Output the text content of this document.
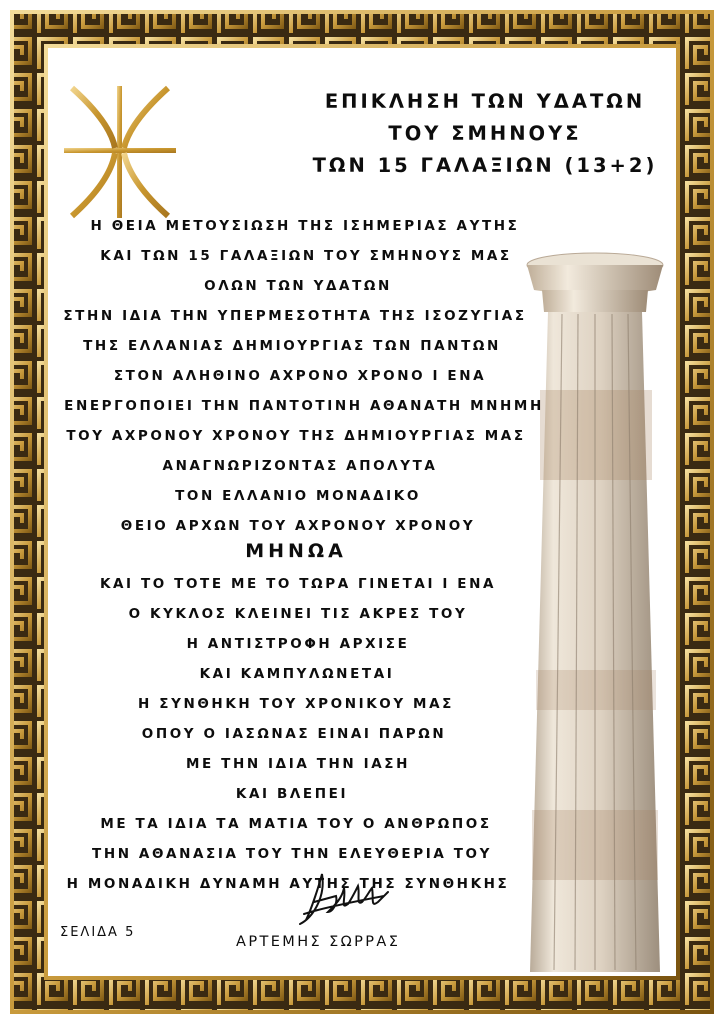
ΕΠΙΚΛΗΣΗ ΤΩΝ ΥΔΑΤΩΝ
ΤΟΥ ΣΜΗΝΟΥΣ
ΤΩΝ 15 ΓΑΛΑΞΙΩΝ (13+2)
Η ΘΕΙΑ ΜΕΤΟΥΣΙΩΣΗ ΤΗΣ ΙΣΗΜΕΡΙΑΣ ΑΥΤΗΣ
ΚΑΙ ΤΩΝ 15 ΓΑΛΑΞΙΩΝ ΤΟΥ ΣΜΗΝΟΥΣ ΜΑΣ
ΟΛΩΝ ΤΩΝ ΥΔΑΤΩΝ
ΣΤΗΝ ΙΔΙΑ ΤΗΝ ΥΠΕΡΜΕΣΟΤΗΤΑ ΤΗΣ ΙΣΟΖΥΓΙΑΣ
ΤΗΣ ΕΛΛΑΝΙΑΣ ΔΗΜΙΟΥΡΓΙΑΣ ΤΩΝ ΠΑΝΤΩΝ
ΣΤΟΝ ΑΛΗΘΙΝΟ ΑΧΡΟΝΟ ΧΡΟΝΟ Ι ΕΝΑ
ΕΝΕΡΓΟΠΟΙΕΙ ΤΗΝ ΠΑΝΤΟΤΙΝΗ ΑΘΑΝΑΤΗ ΜΝΗΜΗ
ΤΟΥ ΑΧΡΟΝΟΥ ΧΡΟΝΟΥ ΤΗΣ ΔΗΜΙΟΥΡΓΙΑΣ ΜΑΣ
ΑΝΑΓΝΩΡΙΖΟΝΤΑΣ ΑΠΟΛΥΤΑ
ΤΟΝ ΕΛΛΑΝΙΟ ΜΟΝΑΔΙΚΟ
ΘΕΙΟ ΑΡΧΩΝ ΤΟΥ ΑΧΡΟΝΟΥ ΧΡΟΝΟΥ
ΜΗΝΩΑ
ΚΑΙ ΤΟ ΤΟΤΕ ΜΕ ΤΟ ΤΩΡΑ ΓΙΝΕΤΑΙ Ι ΕΝΑ
Ο ΚΥΚΛΟΣ ΚΛΕΙΝΕΙ ΤΙΣ ΑΚΡΕΣ ΤΟΥ
Η ΑΝΤΙΣΤΡΟΦΗ ΑΡΧΙΣΕ
ΚΑΙ ΚΑΜΠΥΛΩΝΕΤΑΙ
Η ΣΥΝΘΗΚΗ ΤΟΥ ΧΡΟΝΙΚΟΥ ΜΑΣ
ΟΠΟΥ Ο ΙΑΣΩΝΑΣ ΕΙΝΑΙ ΠΑΡΩΝ
ΜΕ ΤΗΝ ΙΔΙΑ ΤΗΝ ΙΑΣΗ
ΚΑΙ ΒΛΕΠΕΙ
ΜΕ ΤΑ ΙΔΙΑ ΤΑ ΜΑΤΙΑ ΤΟΥ Ο ΑΝΘΡΩΠΟΣ
ΤΗΝ ΑΘΑΝΑΣΙΑ ΤΟΥ ΤΗΝ ΕΛΕΥΘΕΡΙΑ ΤΟΥ
Η ΜΟΝΑΔΙΚΗ ΔΥΝΑΜΗ ΑΥΤΗΣ ΤΗΣ ΣΥΝΘΗΚΗΣ
ΣΕΛΙΔΑ 5
ΑΡΤΕΜΗΣ ΣΩΡΡΑΣ
